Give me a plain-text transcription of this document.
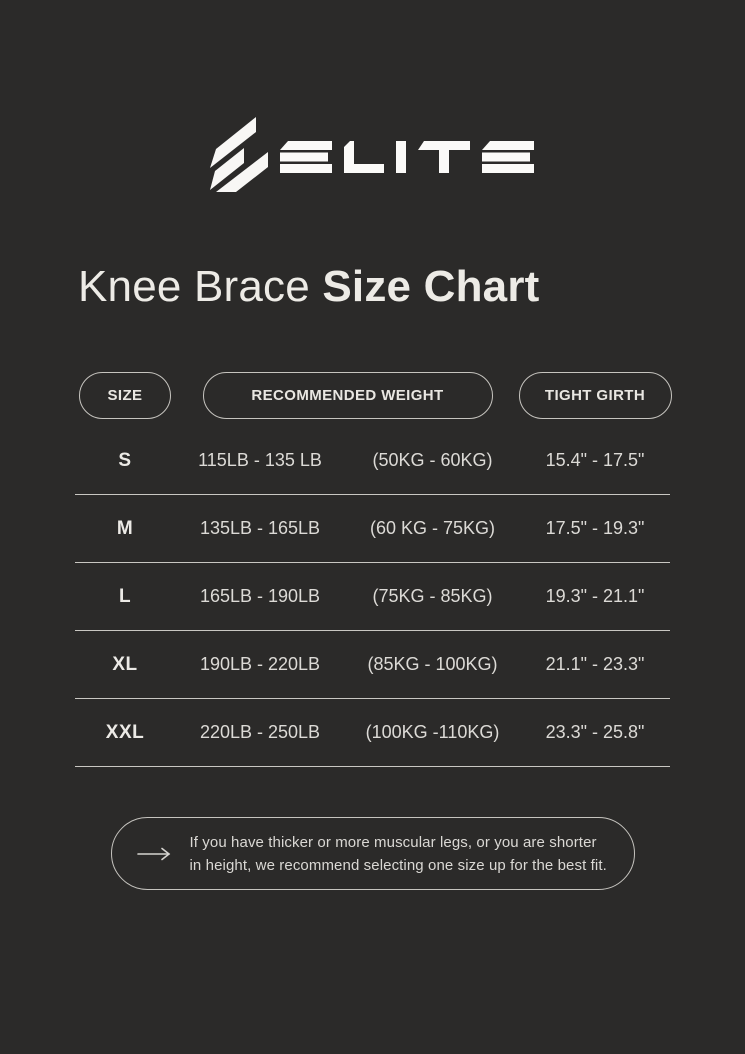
Knee Brace Size Chart
SIZE	RECOMMENDED WEIGHT	TIGHT GIRTH
S	115LB - 135 LB	(50KG - 60KG)	15.4" - 17.5"
M	135LB - 165LB	(60 KG - 75KG)	17.5" - 19.3"
L	165LB - 190LB	(75KG - 85KG)	19.3" - 21.1"
XL	190LB - 220LB	(85KG - 100KG)	21.1" - 23.3"
XXL	220LB - 250LB	(100KG -110KG)	23.3" - 25.8"
If you have thicker or more muscular legs, or you are shorter
in height, we recommend selecting one size up for the best fit.
